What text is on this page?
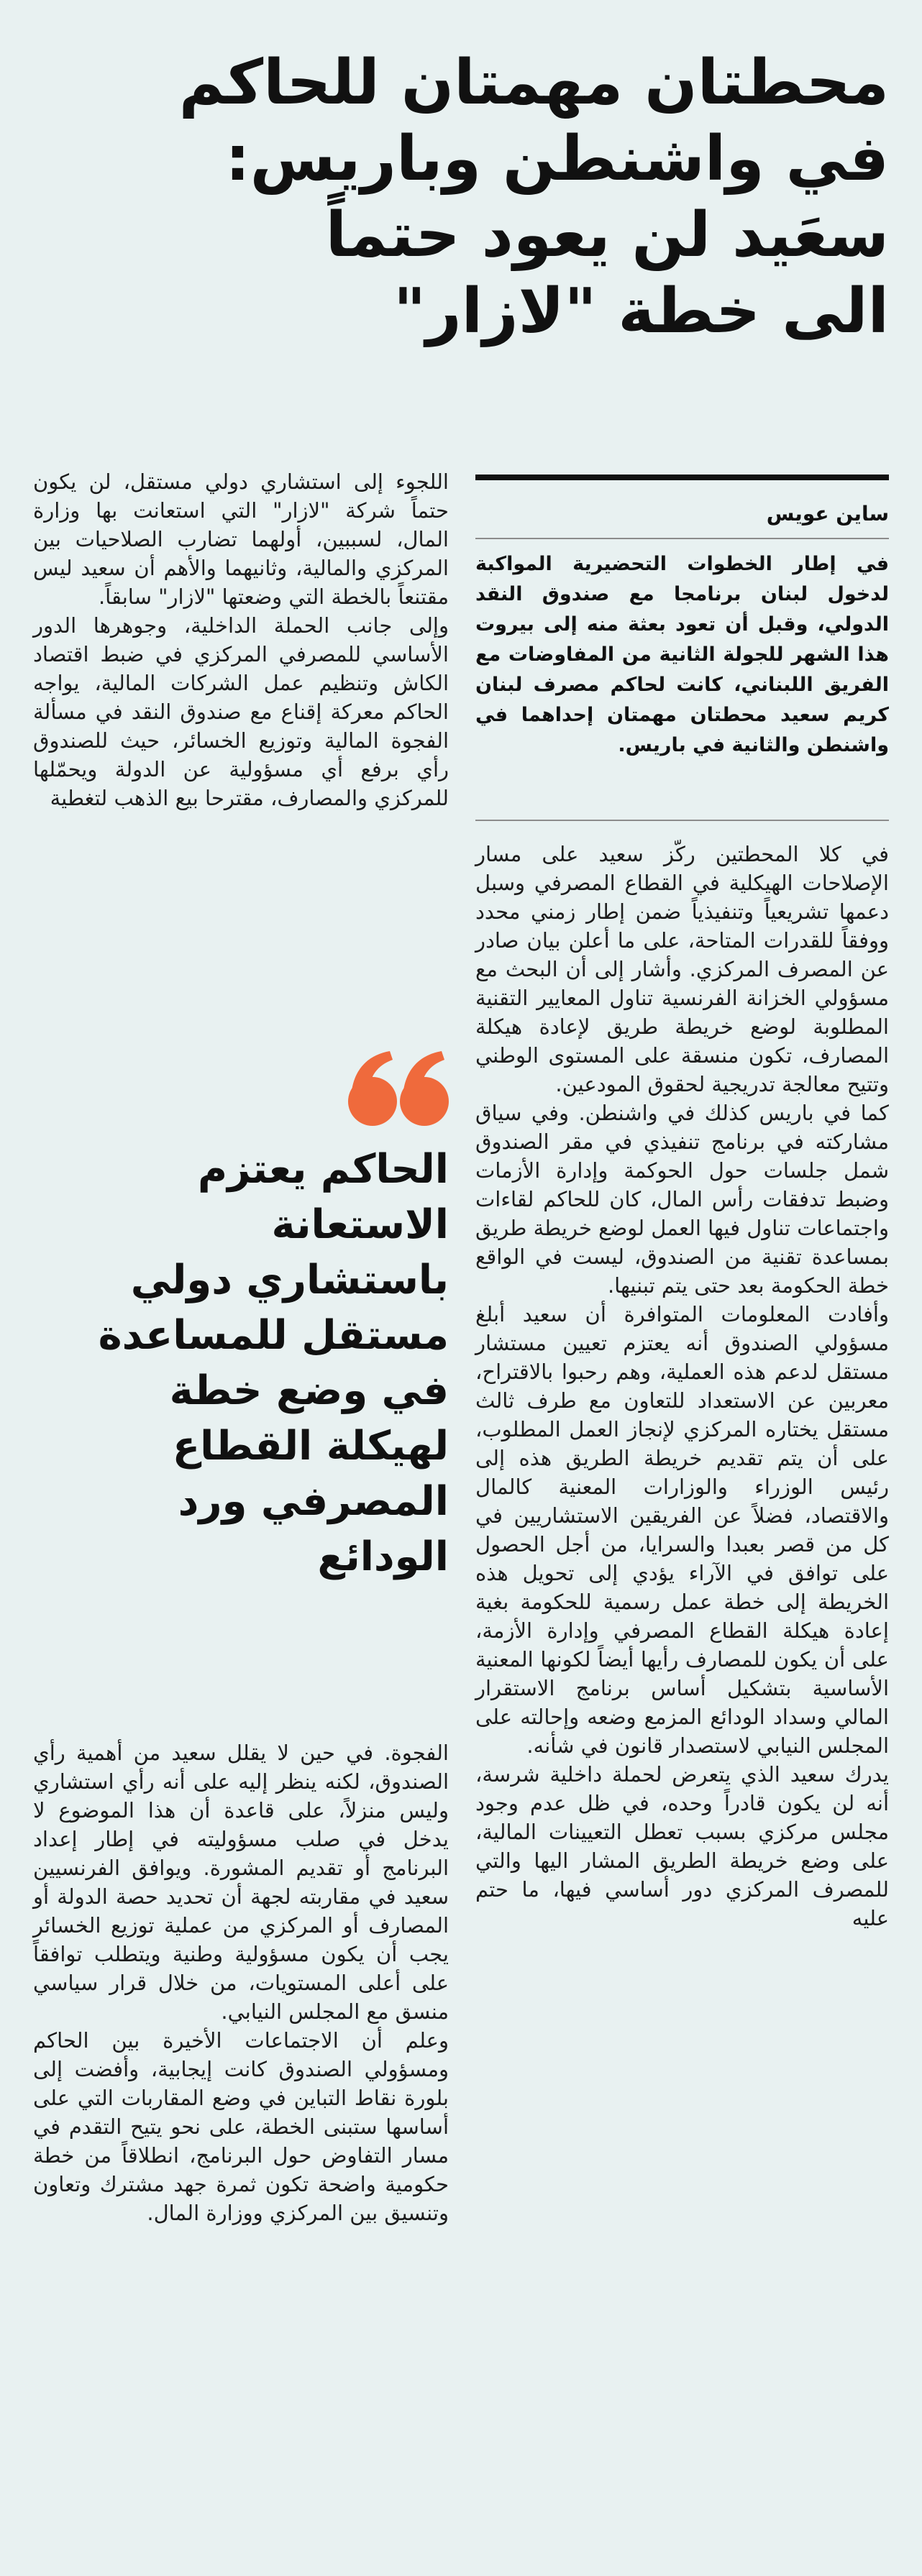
محطتان مهمتان للحاكم
في واشنطن وباريس:
سعَيد لن يعود حتماً
الى خطة "لازار"

ساين عويس

في إطار الخطوات التحضيرية المواكبة لدخول لبنان برنامجا مع صندوق النقد الدولي، وقبل أن تعود بعثة منه إلى بيروت هذا الشهر للجولة الثانية من المفاوضات مع الفريق اللبناني، كانت لحاكم مصرف لبنان كريم سعيد محطتان مهمتان إحداهما في واشنطن والثانية في باريس.

في كلا المحطتين ركّز سعيد على مسار الإصلاحات الهيكلية في القطاع المصرفي وسبل دعمها تشريعياً وتنفيذياً ضمن إطار زمني محدد ووفقاً للقدرات المتاحة، على ما أعلن بيان صادر عن المصرف المركزي. وأشار إلى أن البحث مع مسؤولي الخزانة الفرنسية تناول المعايير التقنية المطلوبة لوضع خريطة طريق لإعادة هيكلة المصارف، تكون منسقة على المستوى الوطني وتتيح معالجة تدريجية لحقوق المودعين.
كما في باريس كذلك في واشنطن. وفي سياق مشاركته في برنامج تنفيذي في مقر الصندوق شمل جلسات حول الحوكمة وإدارة الأزمات وضبط تدفقات رأس المال، كان للحاكم لقاءات واجتماعات تناول فيها العمل لوضع خريطة طريق بمساعدة تقنية من الصندوق، ليست في الواقع خطة الحكومة بعد حتى يتم تبنيها.
وأفادت المعلومات المتوافرة أن سعيد أبلغ مسؤولي الصندوق أنه يعتزم تعيين مستشار مستقل لدعم هذه العملية، وهم رحبوا بالاقتراح، معربين عن الاستعداد للتعاون مع طرف ثالث مستقل يختاره المركزي لإنجاز العمل المطلوب، على أن يتم تقديم خريطة الطريق هذه إلى رئيس الوزراء والوزارات المعنية كالمال والاقتصاد، فضلاً عن الفريقين الاستشاريين في كل من قصر بعبدا والسرايا، من أجل الحصول على توافق في الآراء يؤدي إلى تحويل هذه الخريطة إلى خطة عمل رسمية للحكومة بغية إعادة هيكلة القطاع المصرفي وإدارة الأزمة، على أن يكون للمصارف رأيها أيضاً لكونها المعنية الأساسية بتشكيل أساس برنامج الاستقرار المالي وسداد الودائع المزمع وضعه وإحالته على المجلس النيابي لاستصدار قانون في شأنه.
يدرك سعيد الذي يتعرض لحملة داخلية شرسة، أنه لن يكون قادراً وحده، في ظل عدم وجود مجلس مركزي بسبب تعطل التعيينات المالية، على وضع خريطة الطريق المشار اليها والتي للمصرف المركزي دور أساسي فيها، ما حتم عليه
اللجوء إلى استشاري دولي مستقل، لن يكون حتماً شركة "لازار" التي استعانت بها وزارة المال، لسببين، أولهما تضارب الصلاحيات بين المركزي والمالية، وثانيهما والأهم أن سعيد ليس مقتنعاً بالخطة التي وضعتها "لازار" سابقاً.
وإلى جانب الحملة الداخلية، وجوهرها الدور الأساسي للمصرفي المركزي في ضبط اقتصاد الكاش وتنظيم عمل الشركات المالية، يواجه الحاكم معركة إقناع مع صندوق النقد في مسألة الفجوة المالية وتوزيع الخسائر، حيث للصندوق رأي برفع أي مسؤولية عن الدولة ويحمّلها للمركزي والمصارف، مقترحا بيع الذهب لتغطية
الحاكم يعتزم
الاستعانة
باستشاري دولي
مستقل للمساعدة
في وضع خطة
لهيكلة القطاع
المصرفي ورد
الودائع
الفجوة. في حين لا يقلل سعيد من أهمية رأي الصندوق، لكنه ينظر إليه على أنه رأي استشاري وليس منزلاً، على قاعدة أن هذا الموضوع لا يدخل في صلب مسؤوليته في إطار إعداد البرنامج أو تقديم المشورة. ويوافق الفرنسيين سعيد في مقاربته لجهة أن تحديد حصة الدولة أو المصارف أو المركزي من عملية توزيع الخسائر يجب أن يكون مسؤولية وطنية ويتطلب توافقاً على أعلى المستويات، من خلال قرار سياسي منسق مع المجلس النيابي.
وعلم أن الاجتماعات الأخيرة بين الحاكم ومسؤولي الصندوق كانت إيجابية، وأفضت إلى بلورة نقاط التباين في وضع المقاربات التي على أساسها ستبنى الخطة، على نحو يتيح التقدم في مسار التفاوض حول البرنامج، انطلاقاً من خطة حكومية واضحة تكون ثمرة جهد مشترك وتعاون وتنسيق بين المركزي ووزارة المال.
